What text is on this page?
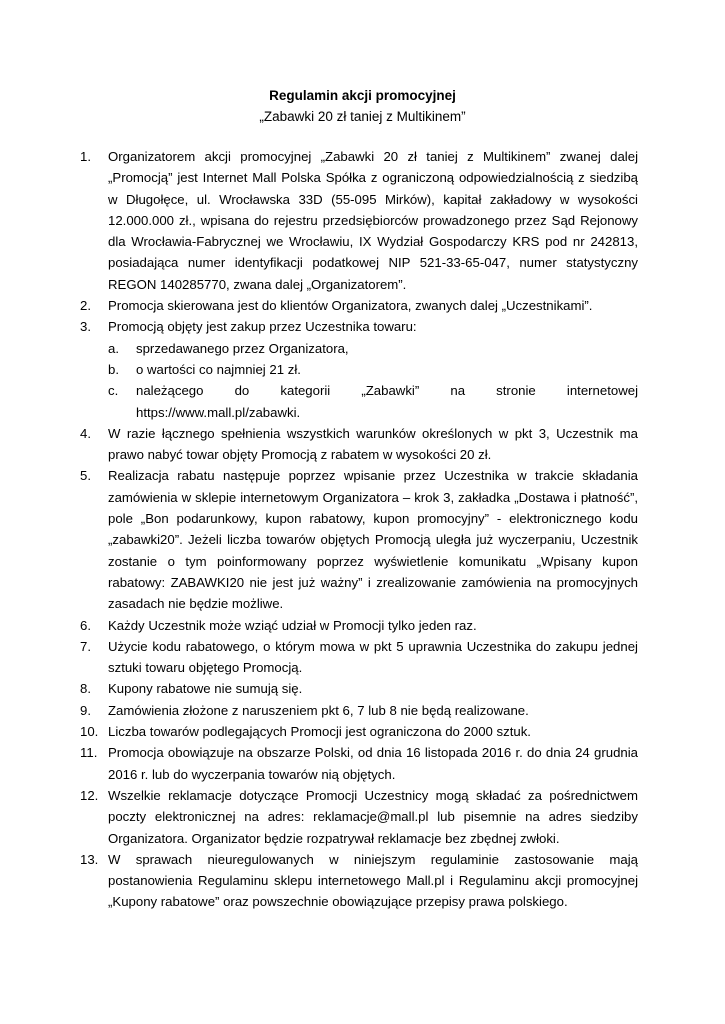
Regulamin akcji promocyjnej
„Zabawki 20 zł taniej z Multikinem”
1. Organizatorem akcji promocyjnej „Zabawki 20 zł taniej z Multikinem” zwanej dalej „Promocją” jest Internet Mall Polska Spółka z ograniczoną odpowiedzialnością z siedzibą w Długołęce, ul. Wrocławska 33D (55-095 Mirków), kapitał zakładowy w wysokości 12.000.000 zł., wpisana do rejestru przedsiębiorców prowadzonego przez Sąd Rejonowy dla Wrocławia-Fabrycznej we Wrocławiu, IX Wydział Gospodarczy KRS pod nr 242813, posiadająca numer identyfikacji podatkowej NIP 521-33-65-047, numer statystyczny REGON 140285770, zwana dalej „Organizatorem”.
2. Promocja skierowana jest do klientów Organizatora, zwanych dalej „Uczestnikami”.
3. Promocją objęty jest zakup przez Uczestnika towaru:
a. sprzedawanego przez Organizatora,
b. o wartości co najmniej 21 zł.
c. należącego do kategorii „Zabawki” na stronie internetowej https://www.mall.pl/zabawki.
4. W razie łącznego spełnienia wszystkich warunków określonych w pkt 3, Uczestnik ma prawo nabyć towar objęty Promocją z rabatem w wysokości 20 zł.
5. Realizacja rabatu następuje poprzez wpisanie przez Uczestnika w trakcie składania zamówienia w sklepie internetowym Organizatora – krok 3, zakładka „Dostawa i płatność”, pole „Bon podarunkowy, kupon rabatowy, kupon promocyjny” - elektronicznego kodu „zabawki20”. Jeżeli liczba towarów objętych Promocją uległa już wyczerpaniu, Uczestnik zostanie o tym poinformowany poprzez wyświetlenie komunikatu „Wpisany kupon rabatowy: ZABAWKI20 nie jest już ważny” i zrealizowanie zamówienia na promocyjnych zasadach nie będzie możliwe.
6. Każdy Uczestnik może wziąć udział w Promocji tylko jeden raz.
7. Użycie kodu rabatowego, o którym mowa w pkt 5 uprawnia Uczestnika do zakupu jednej sztuki towaru objętego Promocją.
8. Kupony rabatowe nie sumują się.
9. Zamówienia złożone z naruszeniem pkt 6, 7 lub 8 nie będą realizowane.
10. Liczba towarów podlegających Promocji jest ograniczona do 2000 sztuk.
11. Promocja obowiązuje na obszarze Polski, od dnia 16 listopada 2016 r. do dnia 24 grudnia 2016 r. lub do wyczerpania towarów nią objętych.
12. Wszelkie reklamacje dotyczące Promocji Uczestnicy mogą składać za pośrednictwem poczty elektronicznej na adres: reklamacje@mall.pl lub pisemnie na adres siedziby Organizatora. Organizator będzie rozpatrywał reklamacje bez zbędnej zwłoki.
13. W sprawach nieuregulowanych w niniejszym regulaminie zastosowanie mają postanowienia Regulaminu sklepu internetowego Mall.pl i Regulaminu akcji promocyjnej „Kupony rabatowe” oraz powszechnie obowiązujące przepisy prawa polskiego.
